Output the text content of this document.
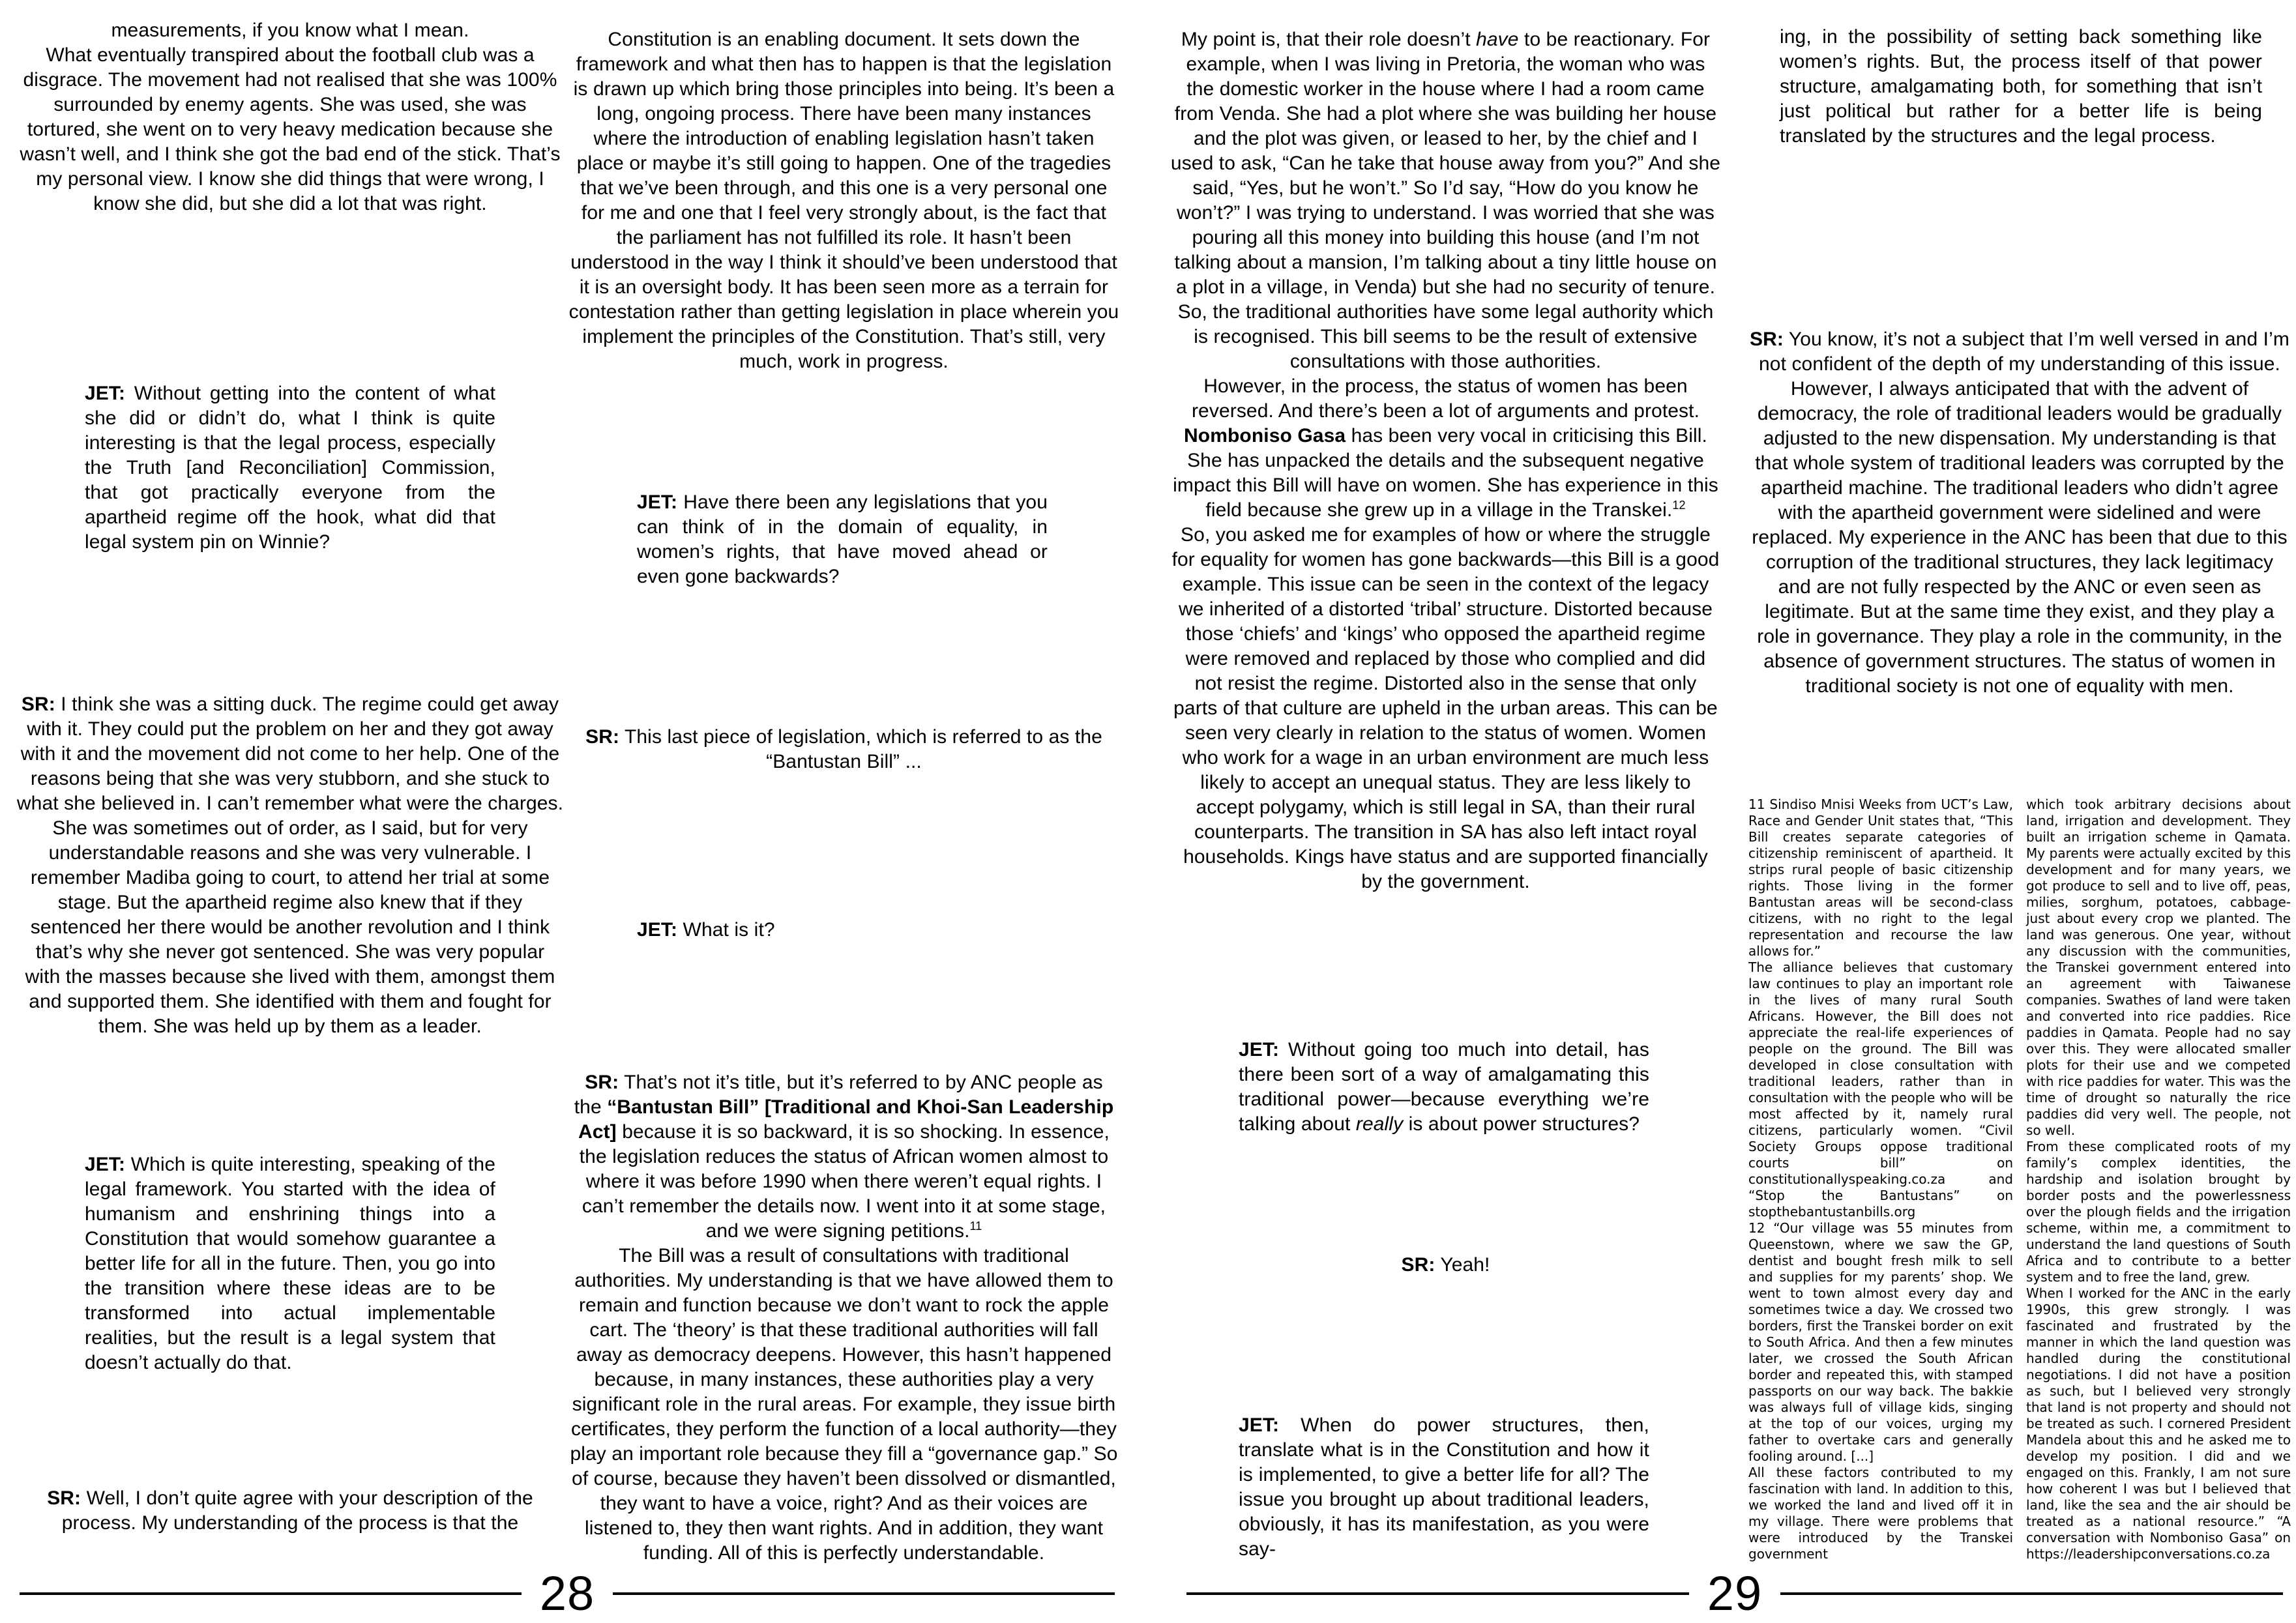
measurements, if you know what I mean.

What eventually transpired about the football club was a disgrace. The movement had not realised that she was 100% surrounded by enemy agents. She was used, she was tortured, she went on to very heavy medication because she wasn’t well, and I think she got the bad end of the stick. That’s my personal view. I know she did things that were wrong, I know she did, but she did a lot that was right.

JET: Without getting into the content of what she did or didn’t do, what I think is quite interesting is that the legal process, especially the Truth [and Reconciliation] Commission, that got practically everyone from the apartheid regime off the hook, what did that legal system pin on Winnie?

SR: I think she was a sitting duck. The regime could get away with it. They could put the problem on her and they got away with it and the movement did not come to her help. One of the reasons being that she was very stubborn, and she stuck to what she believed in. I can’t remember what were the charges. She was sometimes out of order, as I said, but for very understandable reasons and she was very vulnerable. I remember Madiba going to court, to attend her trial at some stage. But the apartheid regime also knew that if they sentenced her there would be another revolution and I think that’s why she never got sentenced. She was very popular with the masses because she lived with them, amongst them and supported them. She identified with them and fought for them. She was held up by them as a leader.

JET: Which is quite interesting, speaking of the legal framework. You started with the idea of humanism and enshrining things into a Constitution that would somehow guarantee a better life for all in the future. Then, you go into the transition where these ideas are to be transformed into actual implementable realities, but the result is a legal system that doesn’t actually do that.

SR: Well, I don’t quite agree with your description of the process. My understanding of the process is that the

Constitution is an enabling document. It sets down the framework and what then has to happen is that the legislation is drawn up which bring those principles into being. It’s been a long, ongoing process. There have been many instances where the introduction of enabling legislation hasn’t taken place or maybe it’s still going to happen. One of the tragedies that we’ve been through, and this one is a very personal one for me and one that I feel very strongly about, is the fact that the parliament has not fulfilled its role. It hasn’t been understood in the way I think it should’ve been understood that it is an oversight body. It has been seen more as a terrain for contestation rather than getting legislation in place wherein you implement the principles of the Constitution. That’s still, very much, work in progress.

JET: Have there been any legislations that you can think of in the domain of equality, in women’s rights, that have moved ahead or even gone backwards?

SR: This last piece of legislation, which is referred to as the “Bantustan Bill” ...

JET: What is it?

SR: That’s not it’s title, but it’s referred to by ANC people as the “Bantustan Bill” [Traditional and Khoi-San Leadership Act] because it is so backward, it is so shocking. In essence, the legislation reduces the status of African women almost to where it was before 1990 when there weren’t equal rights. I can’t remember the details now. I went into it at some stage, and we were signing petitions.$^{11}$

The Bill was a result of consultations with traditional authorities. My understanding is that we have allowed them to remain and function because we don’t want to rock the apple cart. The ‘theory’ is that these traditional authorities will fall away as democracy deepens. However, this hasn’t happened because, in many instances, these authorities play a very significant role in the rural areas. For example, they issue birth certificates, they perform the function of a local authority—they play an important role because they fill a “governance gap.” So of course, because they haven’t been dissolved or dismantled, they want to have a voice, right? And as their voices are listened to, they then want rights. And in addition, they want funding. All of this is perfectly understandable.

28

My point is, that their role doesn’t have to be reactionary. For example, when I was living in Pretoria, the woman who was the domestic worker in the house where I had a room came from Venda. She had a plot where she was building her house and the plot was given, or leased to her, by the chief and I used to ask, “Can he take that house away from you?” And she said, “Yes, but he won’t.” So I’d say, “How do you know he won’t?” I was trying to understand. I was worried that she was pouring all this money into building this house (and I’m not talking about a mansion, I’m talking about a tiny little house on a plot in a village, in Venda) but she had no security of tenure. So, the traditional authorities have some legal authority which is recognised. This bill seems to be the result of extensive consultations with those authorities.

However, in the process, the status of women has been reversed. And there’s been a lot of arguments and protest. Nomboniso Gasa has been very vocal in criticising this Bill. She has unpacked the details and the subsequent negative impact this Bill will have on women. She has experience in this field because she grew up in a village in the Transkei.$^{12}$

So, you asked me for examples of how or where the struggle for equality for women has gone backwards—this Bill is a good example. This issue can be seen in the context of the legacy we inherited of a distorted ‘tribal’ structure. Distorted because those ‘chiefs’ and ‘kings’ who opposed the apartheid regime were removed and replaced by those who complied and did not resist the regime. Distorted also in the sense that only parts of that culture are upheld in the urban areas. This can be seen very clearly in relation to the status of women. Women who work for a wage in an urban environment are much less likely to accept an unequal status. They are less likely to accept polygamy, which is still legal in SA, than their rural counterparts. The transition in SA has also left intact royal households. Kings have status and are supported financially by the government.

JET: Without going too much into detail, has there been sort of a way of amalgamating this traditional power—because everything we’re talking about really is about power structures?

SR: Yeah!

JET: When do power structures, then, translate what is in the Constitution and how it is implemented, to give a better life for all? The issue you brought up about traditional leaders, obviously, it has its manifestation, as you were say-

ing, in the possibility of setting back something like women’s rights. But, the process itself of that power structure, amalgamating both, for something that isn’t just political but rather for a better life is being translated by the structures and the legal process.

SR: You know, it’s not a subject that I’m well versed in and I’m not confident of the depth of my understanding of this issue. However, I always anticipated that with the advent of democracy, the role of traditional leaders would be gradually adjusted to the new dispensation. My understanding is that that whole system of traditional leaders was corrupted by the apartheid machine. The traditional leaders who didn’t agree with the apartheid government were sidelined and were replaced. My experience in the ANC has been that due to this corruption of the traditional structures, they lack legitimacy and are not fully respected by the ANC or even seen as legitimate. But at the same time they exist, and they play a role in governance. They play a role in the community, in the absence of government structures. The status of women in traditional society is not one of equality with men.

11 Sindiso Mnisi Weeks from UCT’s Law, Race and Gender Unit states that, “This Bill creates separate categories of citizenship reminiscent of apartheid. It strips rural people of basic citizenship rights. Those living in the former Bantustan areas will be second-class citizens, with no right to the legal representation and recourse the law allows for.”

The alliance believes that customary law continues to play an important role in the lives of many rural South Africans. However, the Bill does not appreciate the real-life experiences of people on the ground. The Bill was developed in close consultation with traditional leaders, rather than in consultation with the people who will be most affected by it, namely rural citizens, particularly women. “Civil Society Groups oppose traditional courts bill” on constitutionallyspeaking.co.za and “Stop the Bantustans” on stopthebantustanbills.org

12 “Our village was 55 minutes from Queenstown, where we saw the GP, dentist and bought fresh milk to sell and supplies for my parents’ shop. We went to town almost every day and sometimes twice a day. We crossed two borders, first the Transkei border on exit to South Africa. And then a few minutes later, we crossed the South African border and repeated this, with stamped passports on our way back. The bakkie was always full of village kids, singing at the top of our voices, urging my father to overtake cars and generally fooling around. [...]

All these factors contributed to my fascination with land. In addition to this, we worked the land and lived off it in my village. There were problems that were introduced by the Transkei government

which took arbitrary decisions about land, irrigation and development. They built an irrigation scheme in Qamata. My parents were actually excited by this development and for many years, we got produce to sell and to live off, peas, milies, sorghum, potatoes, cabbage- just about every crop we planted. The land was generous. One year, without any discussion with the communities, the Transkei government entered into an agreement with Taiwanese companies. Swathes of land were taken and converted into rice paddies. Rice paddies in Qamata. People had no say over this. They were allocated smaller plots for their use and we competed with rice paddies for water. This was the time of drought so naturally the rice paddies did very well. The people, not so well.

From these complicated roots of my family’s complex identities, the hardship and isolation brought by border posts and the powerlessness over the plough fields and the irrigation scheme, within me, a commitment to understand the land questions of South Africa and to contribute to a better system and to free the land, grew.

When I worked for the ANC in the early 1990s, this grew strongly. I was fascinated and frustrated by the manner in which the land question was handled during the constitutional negotiations. I did not have a position as such, but I believed very strongly that land is not property and should not be treated as such. I cornered President Mandela about this and he asked me to develop my position. I did and we engaged on this. Frankly, I am not sure how coherent I was but I believed that land, like the sea and the air should be treated as a national resource.” “A conversation with Nomboniso Gasa” on https://leadershipconversations.co.za

29
